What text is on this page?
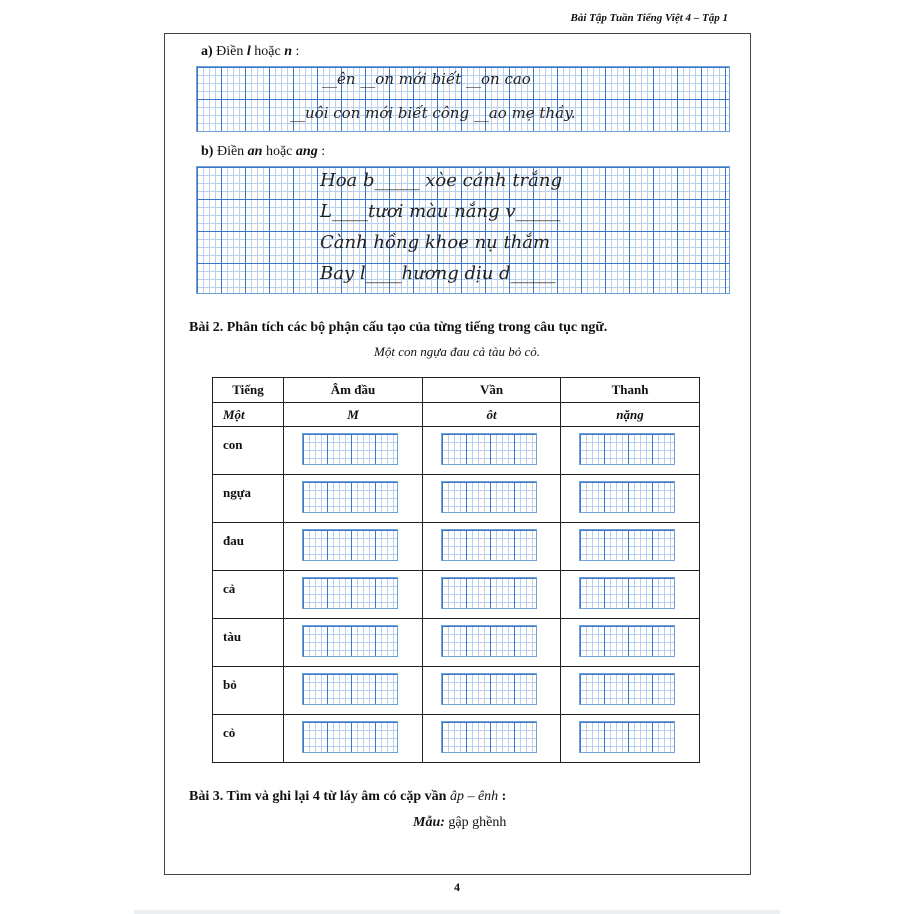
Bài Tập Tuần Tiếng Việt 4 – Tập 1
a) Điền l hoặc n :
__ên __on mới biết __on cao
__uôi con mới biết công __ao mẹ thầy.
b) Điền an hoặc ang :
Hoa b_____ xòe cánh trắng
L____tươi màu nắng v_____
Cành hồng khoe nụ thắm
Bay l____hương dịu d_____
Bài 2. Phân tích các bộ phận cấu tạo của từng tiếng trong câu tục ngữ.
Một con ngựa đau cả tàu bỏ cỏ.
Tiếng	Âm đầu	Vần	Thanh
Một	M	ôt	nặng
con	

ngựa	

đau	

cả	

tàu	

bỏ	

cỏ	

Bài 3. Tìm và ghi lại 4 từ láy âm có cặp vần âp – ênh :
Mẫu: gập ghềnh
4
